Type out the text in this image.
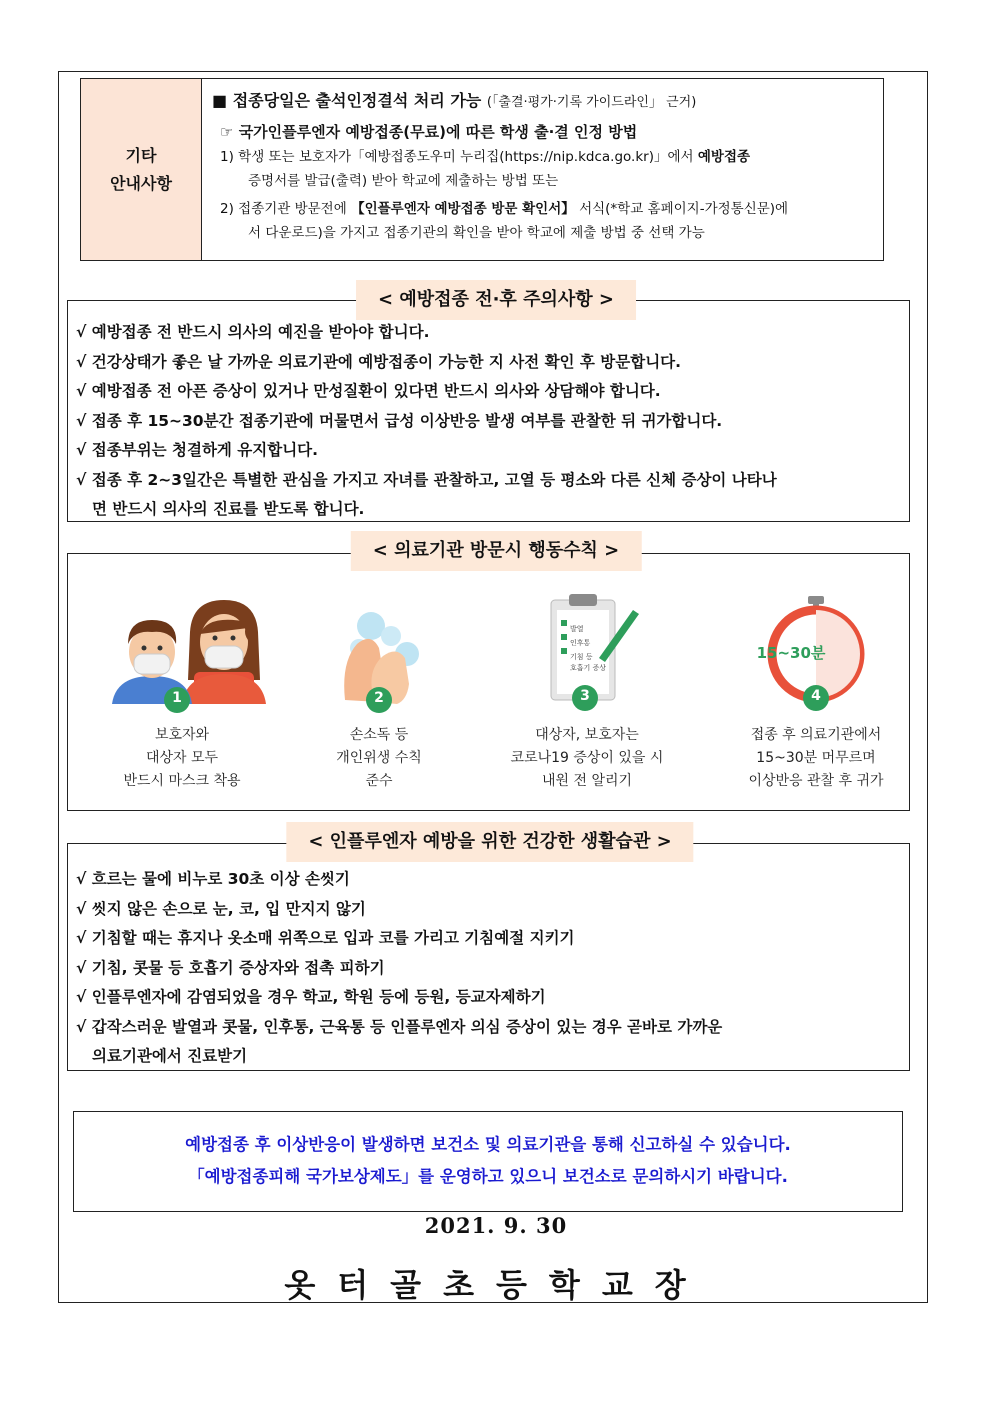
기타
안내사항
■ 접종당일은 출석인정결석 처리 가능 (「출결·평가·기록 가이드라인」 근거)
☞ 국가인플루엔자 예방접종(무료)에 따른 학생 출·결 인정 방법
1) 학생 또는 보호자가「예방접종도우미 누리집(https://nip.kdca.go.kr)」에서 예방접종
증명서를 발급(출력) 받아 학교에 제출하는 방법 또는
2) 접종기관 방문전에 【인플루엔자 예방접종 방문 확인서】 서식(*학교 홈페이지-가정통신문)에
서 다운로드)을 가지고 접종기관의 확인을 받아 학교에 제출 방법 중 선택 가능
< 예방접종 전·후 주의사항 >
√ 예방접종 전 반드시 의사의 예진을 받아야 합니다.
√ 건강상태가 좋은 날 가까운 의료기관에 예방접종이 가능한 지 사전 확인 후 방문합니다.
√ 예방접종 전 아픈 증상이 있거나 만성질환이 있다면 반드시 의사와 상담해야 합니다.
√ 접종 후 15~30분간 접종기관에 머물면서 급성 이상반응 발생 여부를 관찰한 뒤 귀가합니다.
√ 접종부위는 청결하게 유지합니다.
√ 접종 후 2~3일간은 특별한 관심을 가지고 자녀를 관찰하고, 고열 등 평소와 다른 신체 증상이 나타나
면 반드시 의사의 진료를 받도록 합니다.
< 의료기관 방문시 행동수칙 >
1
보호자와
대상자 모두
반드시 마스크 착용
2
손소독 등
개인위생 수칙
준수
발열
인후통
기침 등
호흡기 증상
3
대상자, 보호자는
코로나19 증상이 있을 시
내원 전 알리기
15~30분
4
접종 후 의료기관에서
15~30분 머무르며
이상반응 관찰 후 귀가
< 인플루엔자 예방을 위한 건강한 생활습관 >
√ 흐르는 물에 비누로 30초 이상 손씻기
√ 씻지 않은 손으로 눈, 코, 입 만지지 않기
√ 기침할 때는 휴지나 옷소매 위쪽으로 입과 코를 가리고 기침예절 지키기
√ 기침, 콧물 등 호흡기 증상자와 접촉 피하기
√ 인플루엔자에 감염되었을 경우 학교, 학원 등에 등원, 등교자제하기
√ 갑작스러운 발열과 콧물, 인후통, 근육통 등 인플루엔자 의심 증상이 있는 경우 곧바로 가까운
의료기관에서 진료받기
예방접종 후 이상반응이 발생하면 보건소 및 의료기관을 통해 신고하실 수 있습니다.
「예방접종피해 국가보상제도」를 운영하고 있으니 보건소로 문의하시기 바랍니다.
2021. 9. 30
옷터골초등학교장
